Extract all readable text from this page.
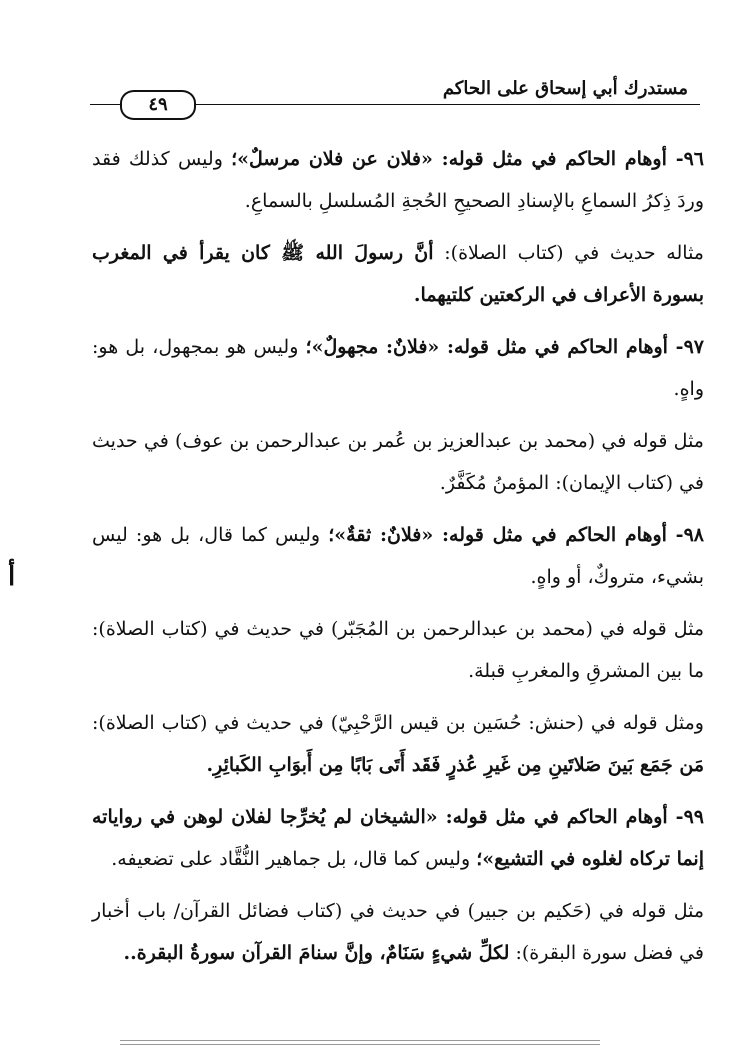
مستدرك أبي إسحاق على الحاكم
٤٩

٩٦- أوهام الحاكم في مثل قوله: «فلان عن فلان مرسلٌ»؛ وليس كذلك فقد وردَ ذِكرُ السماعِ بالإسنادِ الصحيحِ الحُجةِ المُسلسلِ بالسماعِ.

مثاله حديث في (كتاب الصلاة): أنَّ رسولَ الله ﷺ كان يقرأ في المغرب بسورة الأعراف في الركعتين كلتيهما.

٩٧- أوهام الحاكم في مثل قوله: «فلانٌ: مجهولٌ»؛ وليس هو بمجهول، بل هو: واهٍ.

مثل قوله في (محمد بن عبدالعزيز بن عُمر بن عبدالرحمن بن عوف) في حديث في (كتاب الإيمان): المؤمنُ مُكَفَّرٌ.

٩٨- أوهام الحاكم في مثل قوله: «فلانٌ: ثقةٌ»؛ وليس كما قال، بل هو: ليس بشيء، متروكٌ، أو واهٍ.

مثل قوله في (محمد بن عبدالرحمن بن المُجَبّر) في حديث في (كتاب الصلاة): ما بين المشرقِ والمغربِ قبلة.

ومثل قوله في (حنش: حُسَين بن قيس الرَّحْبِيّ) في حديث في (كتاب الصلاة): مَن جَمَع بَينَ صَلاتَينِ مِن غَيرِ عُذرٍ فَقَد أَتَى بَابًا مِن أَبوَابِ الكَبائِرِ.

٩٩- أوهام الحاكم في مثل قوله: «الشيخان لم يُخرِّجا لفلان لوهن في رواياته إنما تركاه لغلوه في التشيع»؛ وليس كما قال، بل جماهير النُّقَّاد على تضعيفه.

مثل قوله في (حَكيم بن جبير) في حديث في (كتاب فضائل القرآن/ باب أخبار في فضل سورة البقرة): لكلِّ شيءٍ سَنَامٌ، وإنَّ سنامَ القرآن سورةُ البقرة..

أ
